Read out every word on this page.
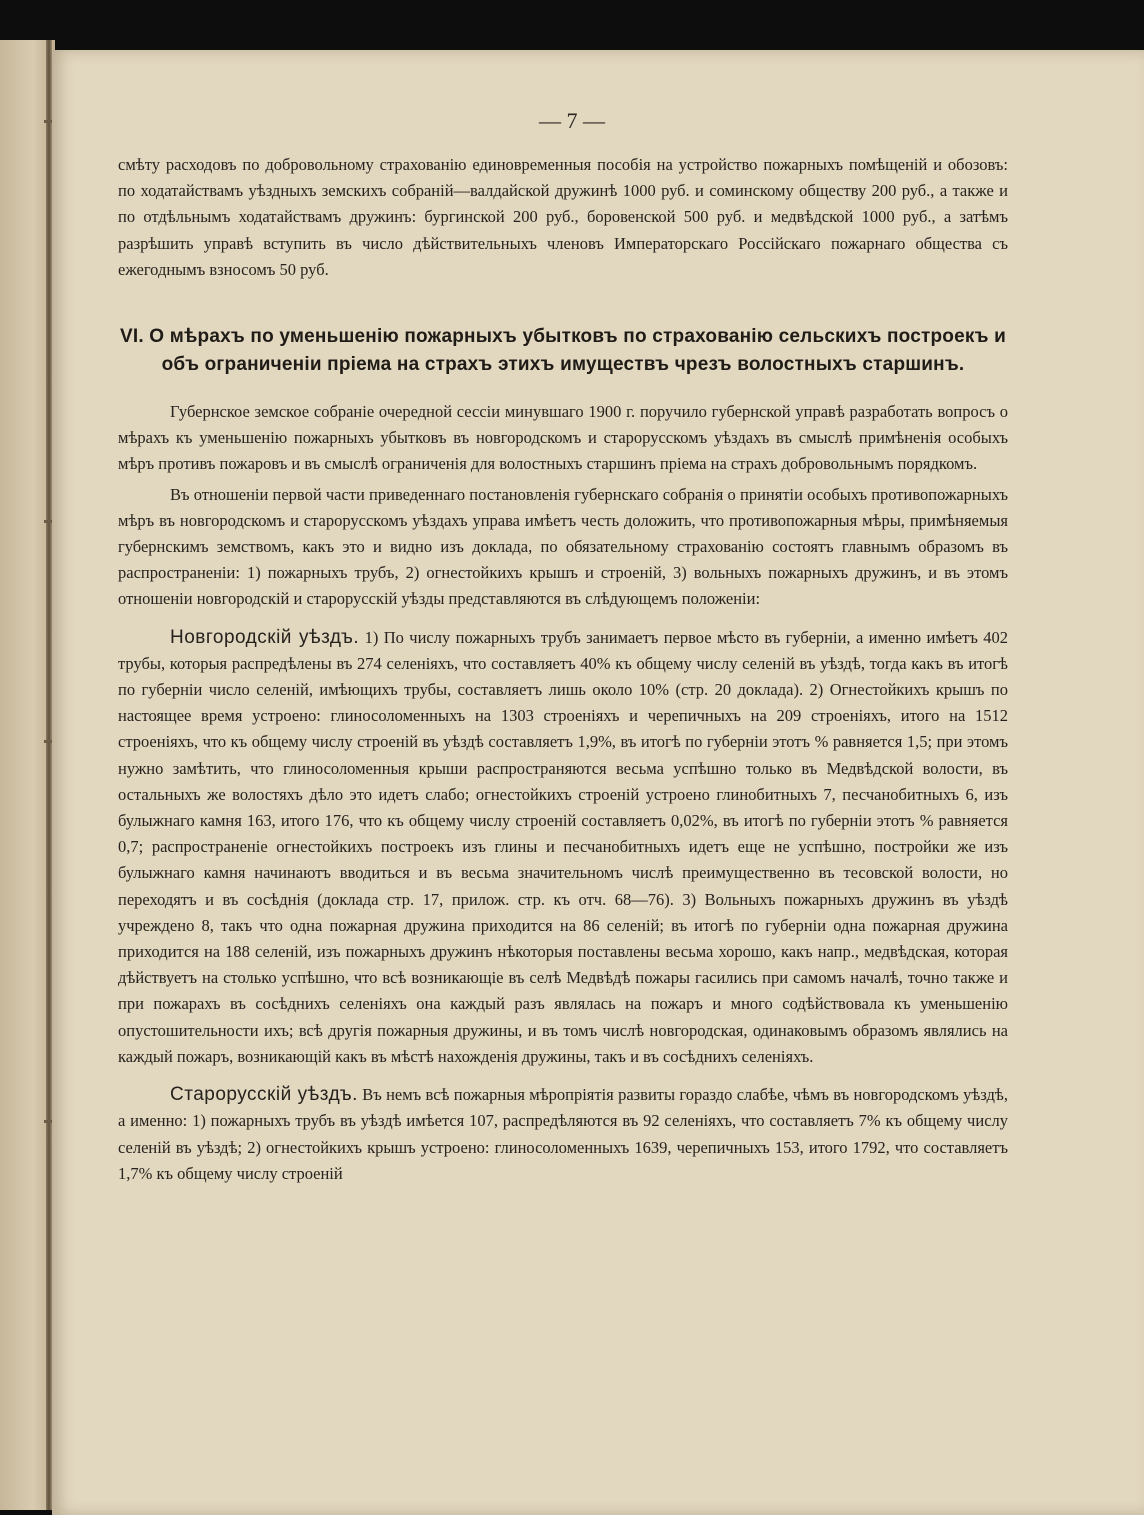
— 7 —

смѣту расходовъ по добровольному страхованію единовременныя пособія на устройство пожарныхъ помѣщеній и обозовъ: по ходатайствамъ уѣздныхъ земскихъ собраній—валдайской дружинѣ 1000 руб. и соминскому обществу 200 руб., а также и по отдѣльнымъ ходатайствамъ дружинъ: бургинской 200 руб., боровенской 500 руб. и медвѣдской 1000 руб., а затѣмъ разрѣшить управѣ вступить въ число дѣйствительныхъ членовъ Императорскаго Россійскаго пожарнаго общества съ ежегоднымъ взносомъ 50 руб.

VI. О мѣрахъ по уменьшенію пожарныхъ убытковъ по страхованію сельскихъ построекъ и объ ограниченіи пріема на страхъ этихъ имуществъ чрезъ волостныхъ старшинъ.

Губернское земское собраніе очередной сессіи минувшаго 1900 г. поручило губернской управѣ разработать вопросъ о мѣрахъ къ уменьшенію пожарныхъ убытковъ въ новгородскомъ и старорусскомъ уѣздахъ въ смыслѣ примѣненія особыхъ мѣръ противъ пожаровъ и въ смыслѣ ограниченія для волостныхъ старшинъ пріема на страхъ добровольнымъ порядкомъ.

Въ отношеніи первой части приведеннаго постановленія губернскаго собранія о принятіи особыхъ противопожарныхъ мѣръ въ новгородскомъ и старорусскомъ уѣздахъ управа имѣетъ честь доложить, что противопожарныя мѣры, примѣняемыя губернскимъ земствомъ, какъ это и видно изъ доклада, по обязательному страхованію состоятъ главнымъ образомъ въ распространеніи: 1) пожарныхъ трубъ, 2) огнестойкихъ крышъ и строеній, 3) вольныхъ пожарныхъ дружинъ, и въ этомъ отношеніи новгородскій и старорусскій уѣзды представляются въ слѣдующемъ положеніи:

Новгородскій уѣздъ. 1) По числу пожарныхъ трубъ занимаетъ первое мѣсто въ губерніи, а именно имѣетъ 402 трубы, которыя распредѣлены въ 274 селеніяхъ, что составляетъ 40% къ общему числу селеній въ уѣздѣ, тогда какъ въ итогѣ по губерніи число селеній, имѣющихъ трубы, составляетъ лишь около 10% (стр. 20 доклада). 2) Огнестойкихъ крышъ по настоящее время устроено: глиносоломенныхъ на 1303 строеніяхъ и черепичныхъ на 209 строеніяхъ, итого на 1512 строеніяхъ, что къ общему числу строеній въ уѣздѣ составляетъ 1,9%, въ итогѣ по губерніи этотъ % равняется 1,5; при этомъ нужно замѣтить, что глиносоломенныя крыши распространяются весьма успѣшно только въ Медвѣдской волости, въ остальныхъ же волостяхъ дѣло это идетъ слабо; огнестойкихъ строеній устроено глинобитныхъ 7, песчанобитныхъ 6, изъ булыжнаго камня 163, итого 176, что къ общему числу строеній составляетъ 0,02%, въ итогѣ по губерніи этотъ % равняется 0,7; распространеніе огнестойкихъ построекъ изъ глины и песчанобитныхъ идетъ еще не успѣшно, постройки же изъ булыжнаго камня начинаютъ вводиться и въ весьма значительномъ числѣ преимущественно въ тесовской волости, но переходятъ и въ сосѣднія (доклада стр. 17, прилож. стр. къ отч. 68—76). 3) Вольныхъ пожарныхъ дружинъ въ уѣздѣ учреждено 8, такъ что одна пожарная дружина приходится на 86 селеній; въ итогѣ по губерніи одна пожарная дружина приходится на 188 селеній, изъ пожарныхъ дружинъ нѣкоторыя поставлены весьма хорошо, какъ напр., медвѣдская, которая дѣйствуетъ на столько успѣшно, что всѣ возникающіе въ селѣ Медвѣдѣ пожары гасились при самомъ началѣ, точно также и при пожарахъ въ сосѣднихъ селеніяхъ она каждый разъ являлась на пожаръ и много содѣйствовала къ уменьшенію опустошительности ихъ; всѣ другія пожарныя дружины, и въ томъ числѣ новгородская, одинаковымъ образомъ являлись на каждый пожаръ, возникающій какъ въ мѣстѣ нахожденія дружины, такъ и въ сосѣднихъ селеніяхъ.

Старорусскій уѣздъ. Въ немъ всѣ пожарныя мѣропріятія развиты гораздо слабѣе, чѣмъ въ новгородскомъ уѣздѣ, а именно: 1) пожарныхъ трубъ въ уѣздѣ имѣется 107, распредѣляются въ 92 селеніяхъ, что составляетъ 7% къ общему числу селеній въ уѣздѣ; 2) огнестойкихъ крышъ устроено: глиносоломенныхъ 1639, черепичныхъ 153, итого 1792, что составляетъ 1,7% къ общему числу строеній
